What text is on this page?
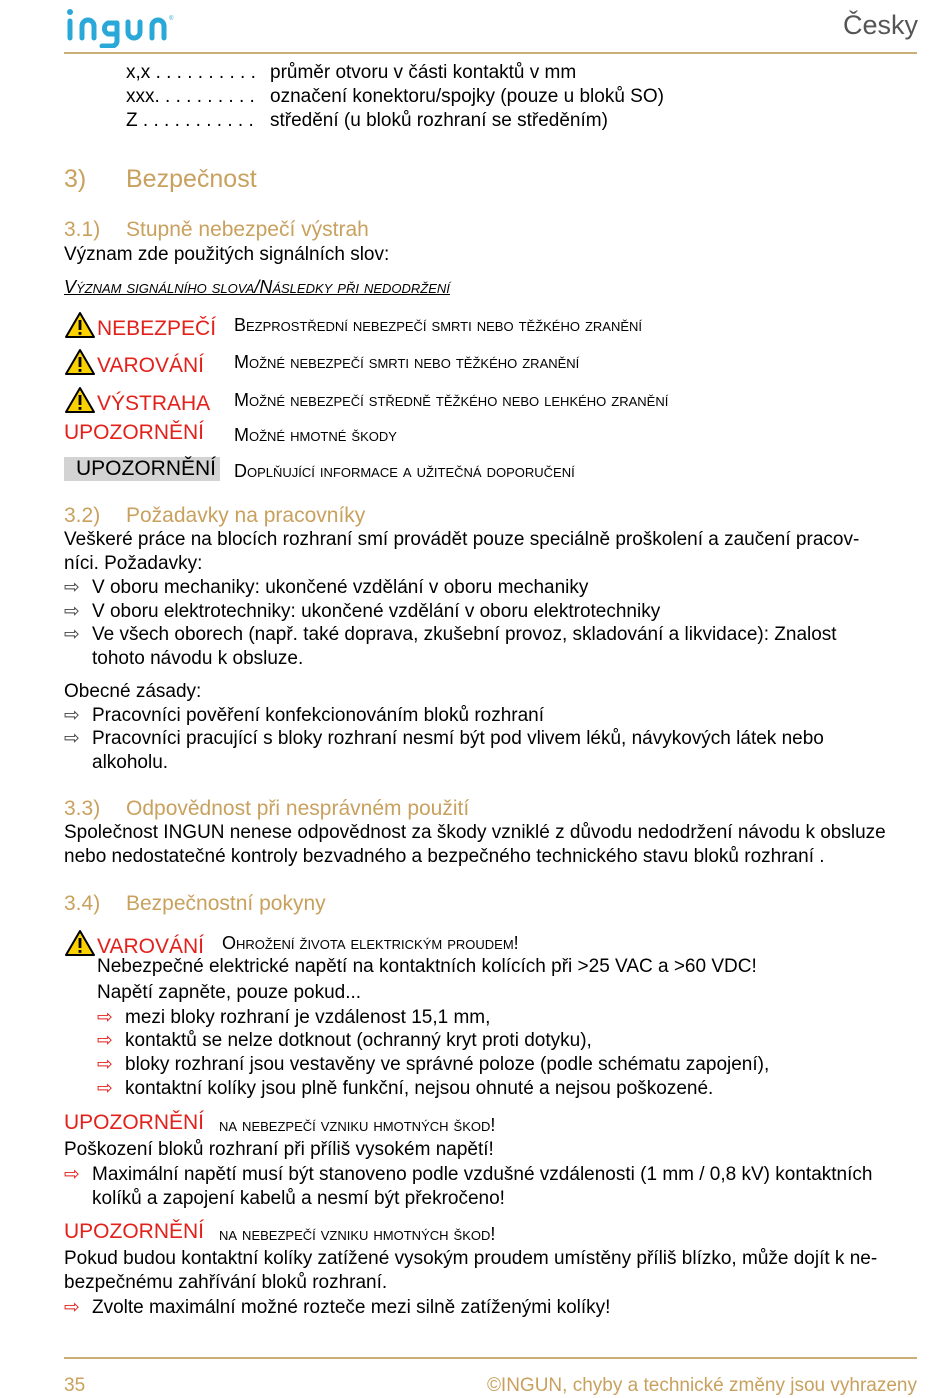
®	Česky
x,x . . . . . . . . . . průměr otvoru v části kontaktů v mm
xxx. . . . . . . . . . označení konektoru/spojky (pouze u bloků SO)
Z . . . . . . . . . . . středění (u bloků rozhraní se středěním)
3) Bezpečnost
3.1) Stupně nebezpečí výstrah
Význam zde použitých signálních slov:
Význam signálního slova/Následky při nedodržení
NEBEZPEČÍ Bezprostřední nebezpečí smrti nebo těžkého zranění
VAROVÁNÍ Možné nebezpečí smrti nebo těžkého zranění
VÝSTRAHA Možné nebezpečí středně těžkého nebo lehkého zranění
UPOZORNĚNÍ Možné hmotné škody
UPOZORNĚNÍ Doplňující informace a užitečná doporučení
3.2) Požadavky na pracovníky
Veškeré práce na blocích rozhraní smí provádět pouze speciálně proškolení a zaučení pracov-
níci. Požadavky:
⇨ V oboru mechaniky: ukončené vzdělání v oboru mechaniky
⇨ V oboru elektrotechniky: ukončené vzdělání v oboru elektrotechniky
⇨ Ve všech oborech (např. také doprava, zkušební provoz, skladování a likvidace): Znalost
tohoto návodu k obsluze.
Obecné zásady:
⇨ Pracovníci pověření konfekcionováním bloků rozhraní
⇨ Pracovníci pracující s bloky rozhraní nesmí být pod vlivem léků, návykových látek nebo
alkoholu.
3.3) Odpovědnost při nesprávném použití
Společnost INGUN nenese odpovědnost za škody vzniklé z důvodu nedodržení návodu k obsluze
nebo nedostatečné kontroly bezvadného a bezpečného technického stavu bloků rozhraní .
3.4) Bezpečnostní pokyny
VAROVÁNÍ Ohrožení života elektrickým proudem!
Nebezpečné elektrické napětí na kontaktních kolících při >25 VAC a >60 VDC!
Napětí zapněte, pouze pokud...
⇨ mezi bloky rozhraní je vzdálenost 15,1 mm,
⇨ kontaktů se nelze dotknout (ochranný kryt proti dotyku),
⇨ bloky rozhraní jsou vestavěny ve správné poloze (podle schématu zapojení),
⇨ kontaktní kolíky jsou plně funkční, nejsou ohnuté a nejsou poškozené.
UPOZORNĚNÍ na nebezpečí vzniku hmotných škod!
Poškození bloků rozhraní při příliš vysokém napětí!
⇨ Maximální napětí musí být stanoveno podle vzdušné vzdálenosti (1 mm / 0,8 kV) kontaktních
kolíků a zapojení kabelů a nesmí být překročeno!
UPOZORNĚNÍ na nebezpečí vzniku hmotných škod!
Pokud budou kontaktní kolíky zatížené vysokým proudem umístěny příliš blízko, může dojít k ne-
bezpečnému zahřívání bloků rozhraní.
⇨ Zvolte maximální možné rozteče mezi silně zatíženými kolíky!
35	©INGUN, chyby a technické změny jsou vyhrazeny
